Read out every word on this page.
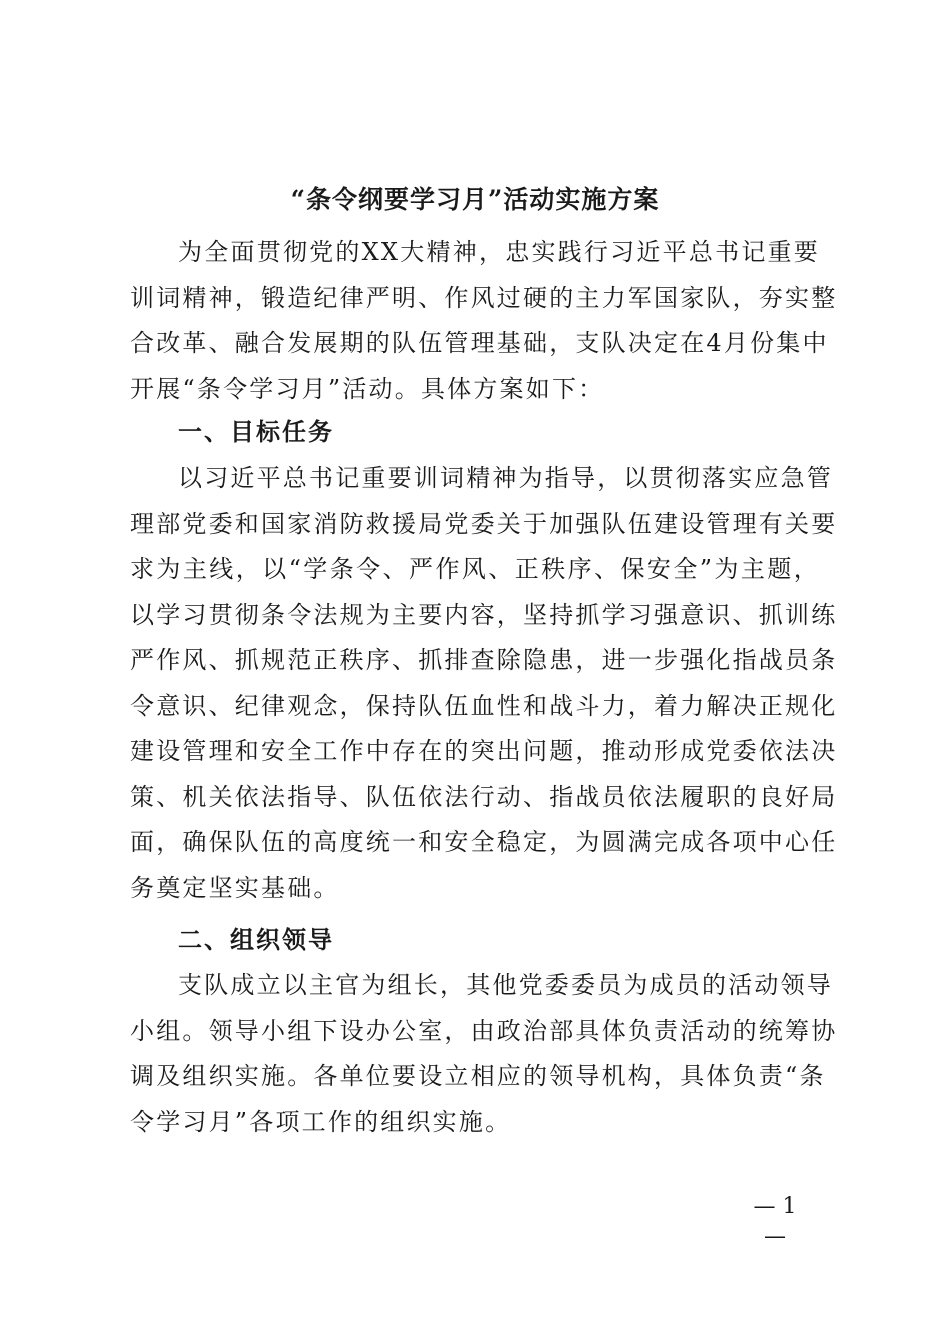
“条令纲要学习月”活动实施方案
为全面贯彻党的XX大精神，忠实践行习近平总书记重要
训词精神，锻造纪律严明、作风过硬的主力军国家队，夯实整
合改革、融合发展期的队伍管理基础，支队决定在4月份集中
开展“条令学习月”活动。具体方案如下：
一、目标任务
以习近平总书记重要训词精神为指导，以贯彻落实应急管
理部党委和国家消防救援局党委关于加强队伍建设管理有关要
求为主线，以“学条令、严作风、正秩序、保安全”为主题，
以学习贯彻条令法规为主要内容，坚持抓学习强意识、抓训练
严作风、抓规范正秩序、抓排查除隐患，进一步强化指战员条
令意识、纪律观念，保持队伍血性和战斗力，着力解决正规化
建设管理和安全工作中存在的突出问题，推动形成党委依法决
策、机关依法指导、队伍依法行动、指战员依法履职的良好局
面，确保队伍的高度统一和安全稳定，为圆满完成各项中心任
务奠定坚实基础。
二、组织领导
支队成立以主官为组长，其他党委委员为成员的活动领导
小组。领导小组下设办公室，由政治部具体负责活动的统筹协
调及组织实施。各单位要设立相应的领导机构，具体负责“条
令学习月”各项工作的组织实施。
— 1 —
